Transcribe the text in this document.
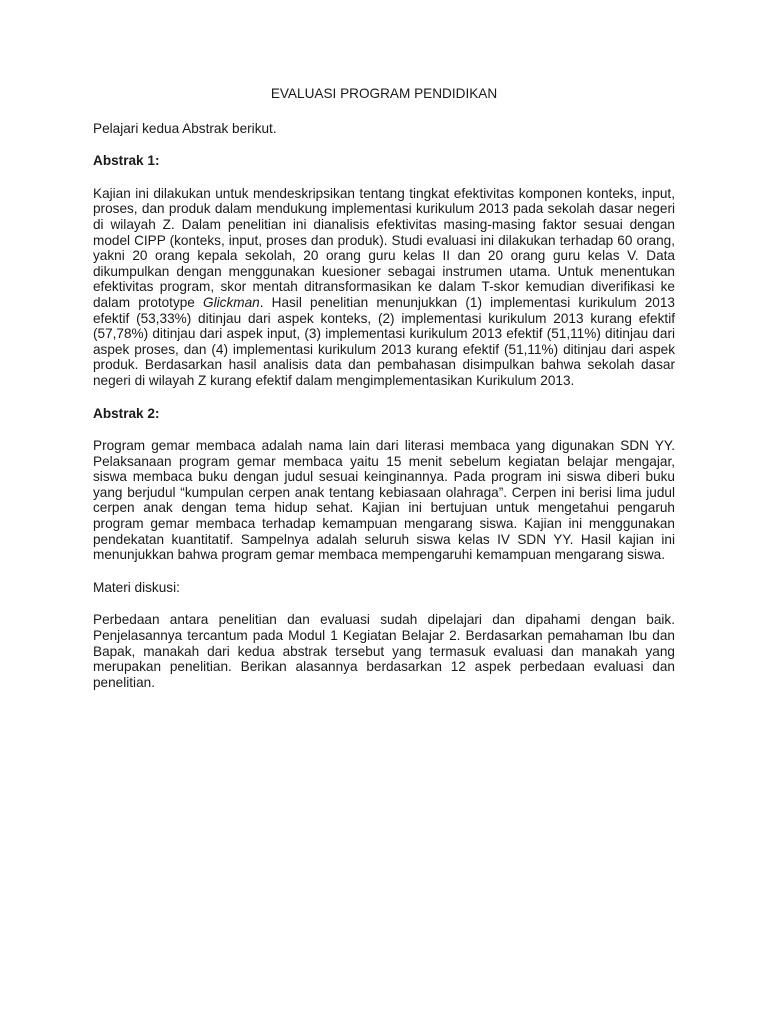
EVALUASI PROGRAM PENDIDIKAN

Pelajari kedua Abstrak berikut.

Abstrak 1:

Kajian ini dilakukan untuk mendeskripsikan tentang tingkat efektivitas komponen konteks, input, proses, dan produk dalam mendukung implementasi kurikulum 2013 pada sekolah dasar negeri di wilayah Z. Dalam penelitian ini dianalisis efektivitas masing-masing faktor sesuai dengan model CIPP (konteks, input, proses dan produk). Studi evaluasi ini dilakukan terhadap 60 orang, yakni 20 orang kepala sekolah, 20 orang guru kelas II dan 20 orang guru kelas V. Data dikumpulkan dengan menggunakan kuesioner sebagai instrumen utama. Untuk menentukan efektivitas program, skor mentah ditransformasikan ke dalam T-skor kemudian diverifikasi ke dalam prototype Glickman. Hasil penelitian menunjukkan (1) implementasi kurikulum 2013 efektif (53,33%) ditinjau dari aspek konteks, (2) implementasi kurikulum 2013 kurang efektif (57,78%) ditinjau dari aspek input, (3) implementasi kurikulum 2013 efektif (51,11%) ditinjau dari aspek proses, dan (4) implementasi kurikulum 2013 kurang efektif (51,11%) ditinjau dari aspek produk. Berdasarkan hasil analisis data dan pembahasan disimpulkan bahwa sekolah dasar negeri di wilayah Z kurang efektif dalam mengimplementasikan Kurikulum 2013.

Abstrak 2:

Program gemar membaca adalah nama lain dari literasi membaca yang digunakan SDN YY. Pelaksanaan program gemar membaca yaitu 15 menit sebelum kegiatan belajar mengajar, siswa membaca buku dengan judul sesuai keinginannya. Pada program ini siswa diberi buku yang berjudul “kumpulan cerpen anak tentang kebiasaan olahraga”. Cerpen ini berisi lima judul cerpen anak dengan tema hidup sehat. Kajian ini bertujuan untuk mengetahui pengaruh program gemar membaca terhadap kemampuan mengarang siswa. Kajian ini menggunakan pendekatan kuantitatif. Sampelnya adalah seluruh siswa kelas IV SDN YY. Hasil kajian ini menunjukkan bahwa program gemar membaca mempengaruhi kemampuan mengarang siswa.

Materi diskusi:

Perbedaan antara penelitian dan evaluasi sudah dipelajari dan dipahami dengan baik. Penjelasannya tercantum pada Modul 1 Kegiatan Belajar 2. Berdasarkan pemahaman Ibu dan Bapak, manakah dari kedua abstrak tersebut yang termasuk evaluasi dan manakah yang merupakan penelitian. Berikan alasannya berdasarkan 12 aspek perbedaan evaluasi dan penelitian.
